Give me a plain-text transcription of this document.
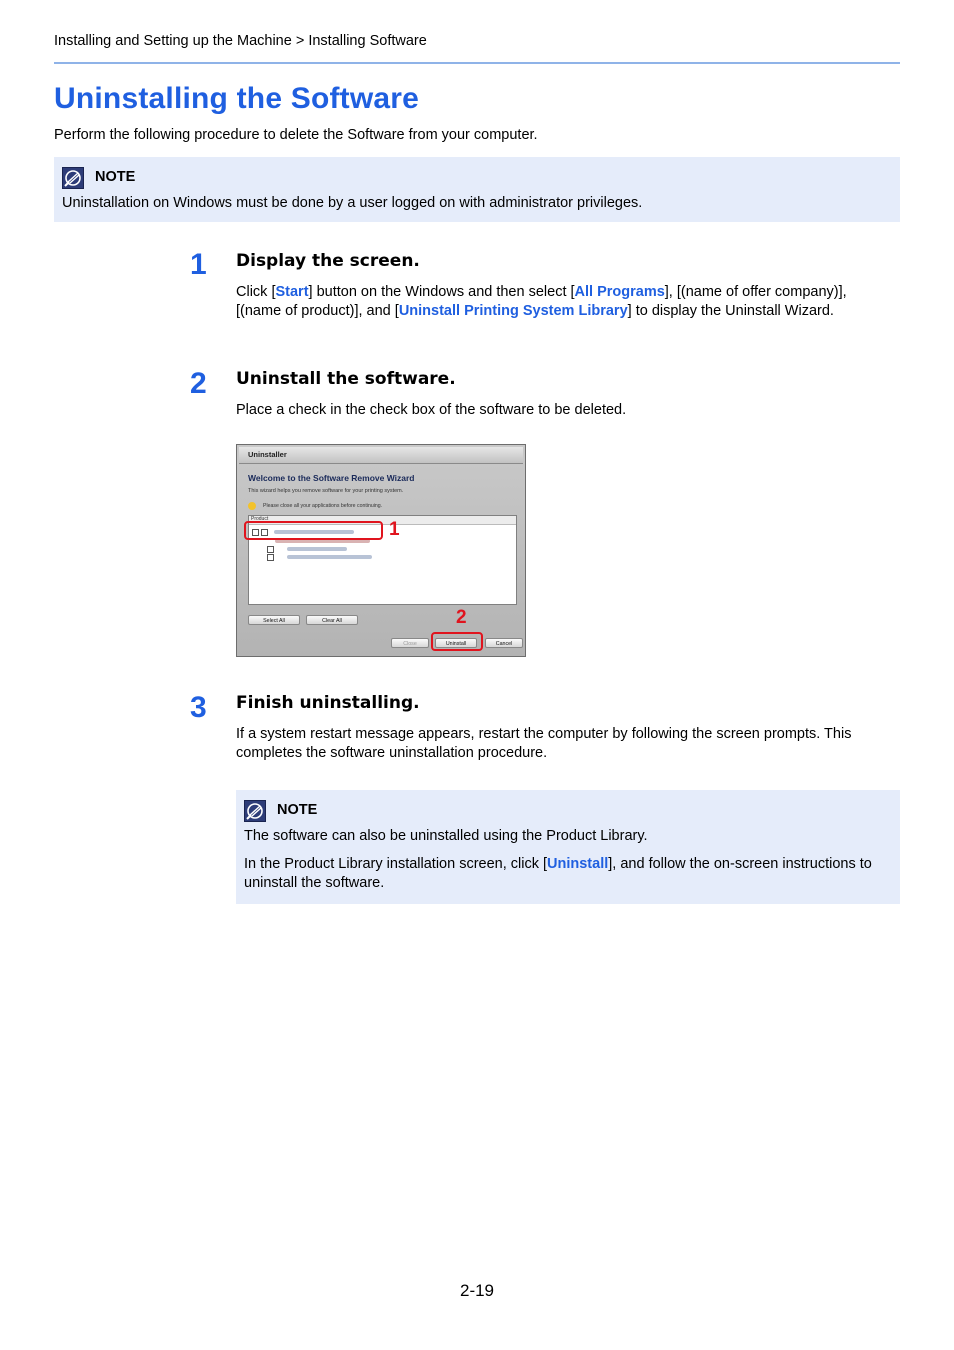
Installing and Setting up the Machine > Installing Software
Uninstalling the Software
Perform the following procedure to delete the Software from your computer.
NOTE
Uninstallation on Windows must be done by a user logged on with administrator privileges.
1 Display the screen.
Click [Start] button on the Windows and then select [All Programs], [(name of offer company)], [(name of product)], and [Uninstall Printing System Library] to display the Uninstall Wizard.
2 Uninstall the software.
Place a check in the check box of the software to be deleted.
Uninstaller
Welcome to the Software Remove Wizard
This wizard helps you remove software for your printing system.
Please close all your applications before continuing.
Product
Select All	Clear All
Close	Uninstall	Cancel
1
2
3 Finish uninstalling.
If a system restart message appears, restart the computer by following the screen prompts. This completes the software uninstallation procedure.
NOTE
The software can also be uninstalled using the Product Library.
In the Product Library installation screen, click [Uninstall], and follow the on-screen instructions to uninstall the software.
2-19
